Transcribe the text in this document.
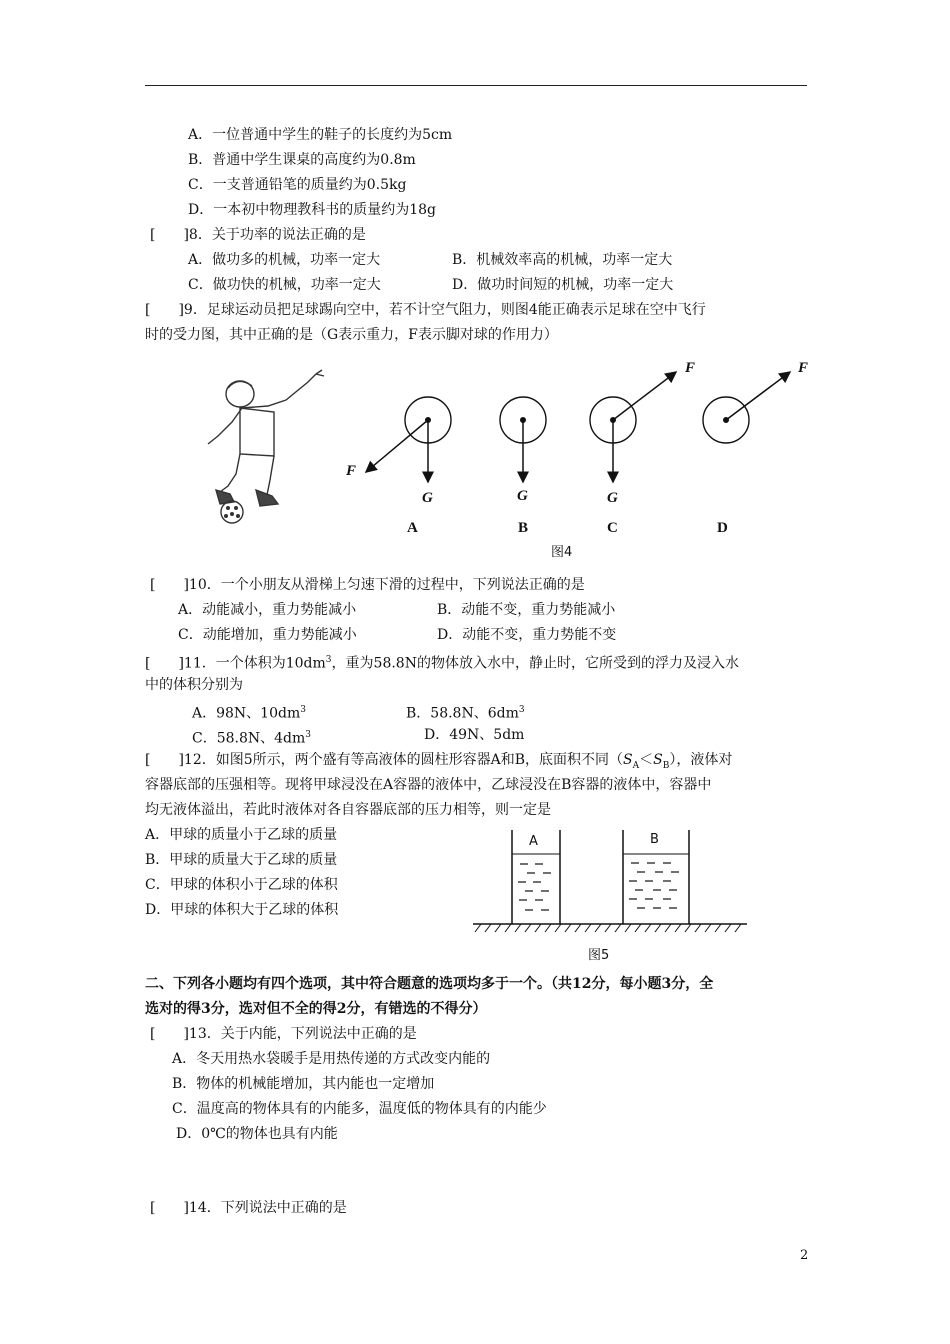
A．一位普通中学生的鞋子的长度约为5cm
B．普通中学生课桌的高度约为0.8m
C．一支普通铅笔的质量约为0.5kg
D．一本初中物理教科书的质量约为18g
[　　]8．关于功率的说法正确的是
A．做功多的机械，功率一定大	B．机械效率高的机械，功率一定大
C．做功快的机械，功率一定大	D．做功时间短的机械，功率一定大
[　　]9．足球运动员把足球踢向空中，若不计空气阻力，则图4能正确表示足球在空中飞行
时的受力图，其中正确的是（G表示重力，F表示脚对球的作用力）
F
G	G	G
F	F
A	B	C	D
图4
[　　]10．一个小朋友从滑梯上匀速下滑的过程中，下列说法正确的是
A．动能减小，重力势能减小	B．动能不变，重力势能减小
C．动能增加，重力势能减小	D．动能不变，重力势能不变
[　　]11．一个体积为$10dm^3$，重为58.8N的物体放入水中，静止时，它所受到的浮力及浸入水
中的体积分别为
A．98N、$10dm^3$	B．58.8N、$6dm^3$
C．58.8N、$4dm^3$	D．49N、5dm
[　　]12．如图5所示，两个盛有等高液体的圆柱形容器A和B，底面积不同$(S_A<S_B)$，液体对
容器底部的压强相等。现将甲球浸没在A容器的液体中，乙球浸没在B容器的液体中，容器中
均无液体溢出，若此时液体对各自容器底部的压力相等，则一定是
A．甲球的质量小于乙球的质量
B．甲球的质量大于乙球的质量
C．甲球的体积小于乙球的体积
D．甲球的体积大于乙球的体积
A	B
图5
二、下列各小题均有四个选项，其中符合题意的选项均多于一个。（共12分，每小题3分，全
选对的得3分，选对但不全的得2分，有错选的不得分）
[　　]13．关于内能，下列说法中正确的是
A．冬天用热水袋暖手是用热传递的方式改变内能的
B．物体的机械能增加，其内能也一定增加
C．温度高的物体具有的内能多，温度低的物体具有的内能少
D．0℃的物体也具有内能
[　　]14．下列说法中正确的是
2
